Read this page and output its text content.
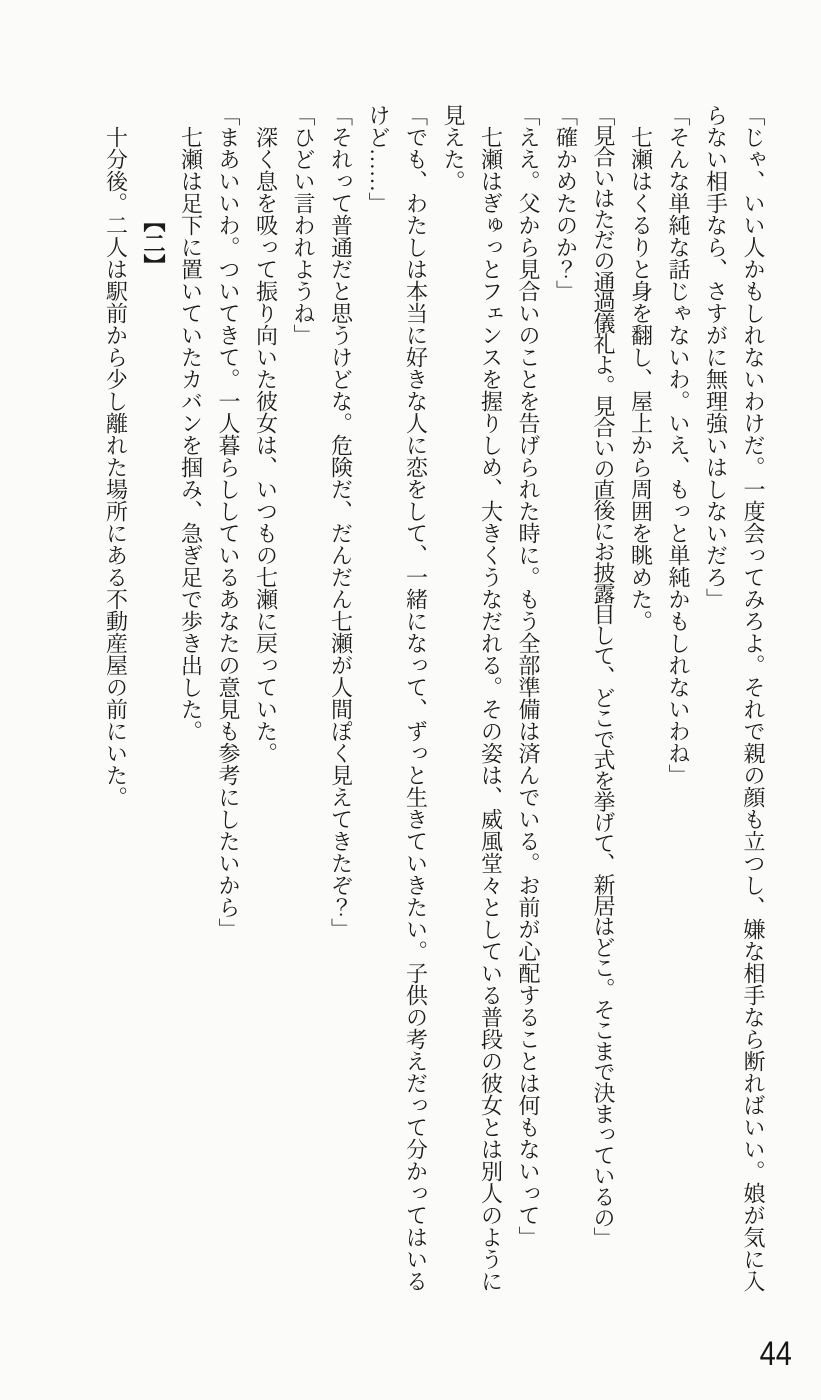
「じゃ、いい人かもしれないわけだ。一度会ってみろよ。それで親の顔も立つし、嫌な相手なら断ればいい。娘が気に入らない相手なら、さすがに無理強いはしないだろ」

「そんな単純な話じゃないわ。いえ、もっと単純かもしれないわね」

七瀬はくるりと身を翻し、屋上から周囲を眺めた。

「見合いはただの通過儀礼よ。見合いの直後にお披露目して、どこで式を挙げて、新居はどこ。そこまで決まっているの」

「確かめたのか？」

「ええ。父から見合いのことを告げられた時に。もう全部準備は済んでいる。お前が心配することは何もないって」

七瀬はぎゅっとフェンスを握りしめ、大きくうなだれる。その姿は、威風堂々としている普段の彼女とは別人のように見えた。

「でも、わたしは本当に好きな人に恋をして、一緒になって、ずっと生きていきたい。子供の考えだって分かってはいるけど……」

「それって普通だと思うけどな。危険だ、だんだん七瀬が人間ぽく見えてきたぞ？」

「ひどい言われようね」

深く息を吸って振り向いた彼女は、いつもの七瀬に戻っていた。

「まあいいわ。ついてきて。一人暮らししているあなたの意見も参考にしたいから」

七瀬は足下に置いていたカバンを掴み、急ぎ足で歩き出した。

【二】

十分後。二人は駅前から少し離れた場所にある不動産屋の前にいた。

44
